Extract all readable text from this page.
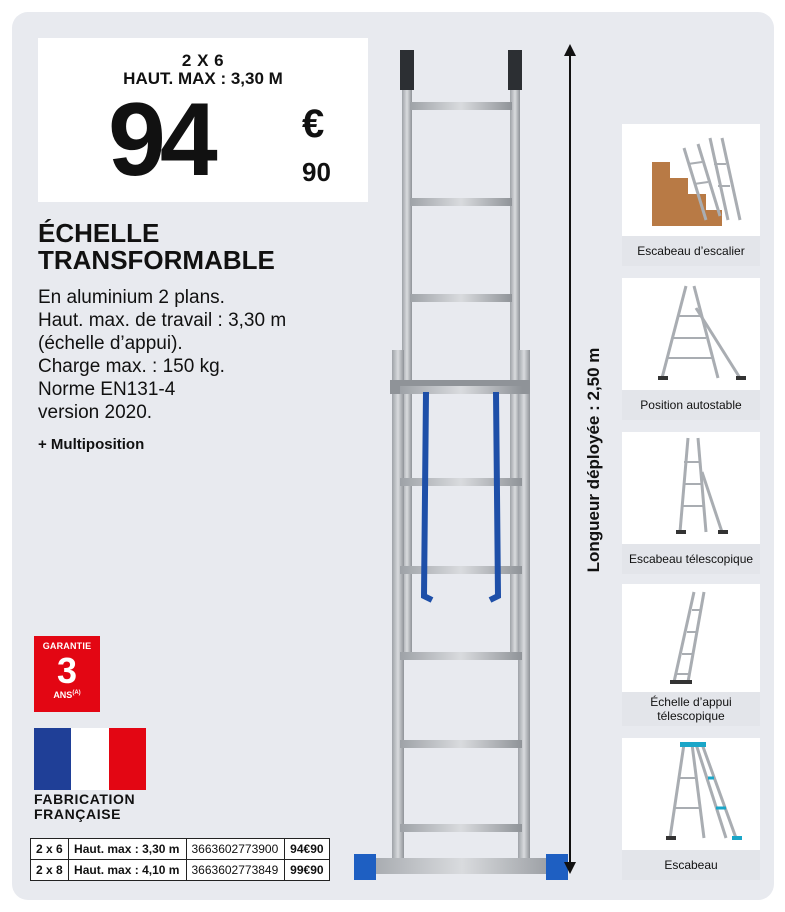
2 X 6
HAUT. MAX : 3,30 M
94 €
90
ÉCHELLE
TRANSFORMABLE
En aluminium 2 plans.
Haut. max. de travail : 3,30 m
(échelle d’appui).
Charge max. : 150 kg.
Norme EN131-4
version 2020.
+ Multiposition
GARANTIE
3
$ANS^{(A)}$
FABRICATION
FRANÇAISE
2 x 6	Haut. max : 3,30 m	3663602773900	94€90
2 x 8	Haut. max : 4,10 m	3663602773849	99€90
Longueur déployée : 2,50 m
Escabeau d’escalier
Position autostable
Escabeau télescopique
Échelle d’appui
télescopique
Escabeau
